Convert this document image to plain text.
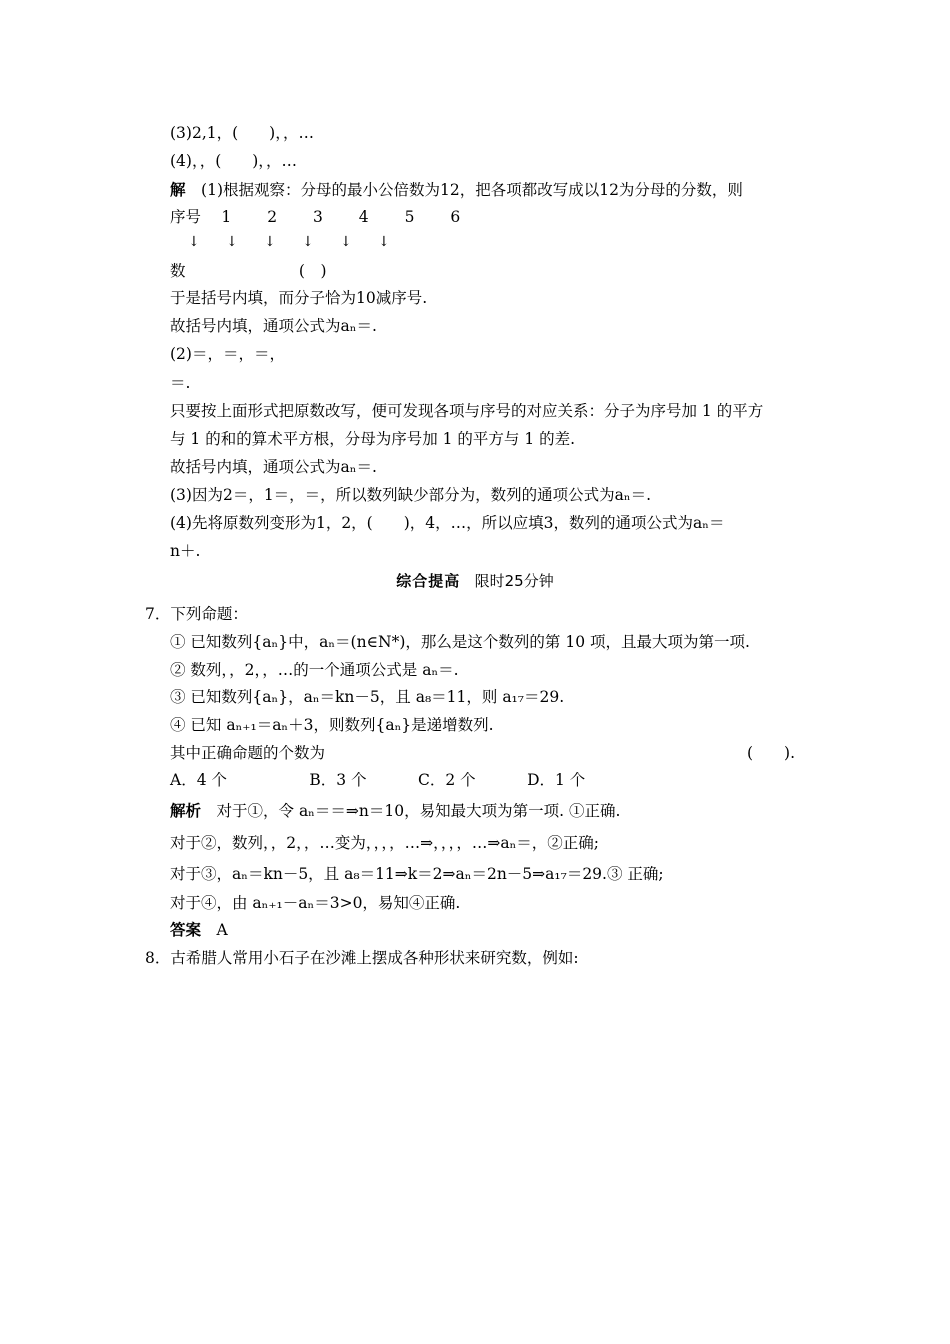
(3)2,1，(　　)，，…
(4)，，(　　)，，…
解　 (1)根据观察：分母的最小公倍数为12，把各项都改写成以12为分母的分数，则
序号　 1　　 2　　 3　　 4　　 5　　 6
↓ ↓ ↓ ↓ ↓ ↓
数　　　　　　　 (　)
于是括号内填，而分子恰为10减序号.
故括号内填，通项公式为aₙ＝.
(2)＝，＝，＝，
＝.
只要按上面形式把原数改写，便可发现各项与序号的对应关系：分子为序号加 1 的平方
与 1 的和的算术平方根，分母为序号加 1 的平方与 1 的差.
故括号内填，通项公式为aₙ＝.
(3)因为2＝，1＝，＝，所以数列缺少部分为，数列的通项公式为aₙ＝.
(4)先将原数列变形为1，2，(　　)，4，…，所以应填3，数列的通项公式为aₙ＝
n＋.
综合提高 限时25分钟
7．下列命题：
① 已知数列{aₙ}中，aₙ＝(n∈N*)，那么是这个数列的第 10 项，且最大项为第一项.
② 数列，，2，，…的一个通项公式是 aₙ＝.
③ 已知数列{aₙ}，aₙ＝kn－5，且 a₈＝11，则 a₁₇＝29.
④ 已知 aₙ₊₁＝aₙ＋3，则数列{aₙ}是递增数列.
其中正确命题的个数为	(　　).
A．4 个　　　　　 B．3 个　　　 C．2 个　　　 D．1 个
解析　对于①，令 aₙ＝＝⇒n＝10，易知最大项为第一项. ①正确.
对于②，数列，，2，，…变为，，，，…⇒，，，，…⇒aₙ＝，②正确;
对于③，aₙ＝kn－5，且 a₈＝11⇒k＝2⇒aₙ＝2n－5⇒a₁₇＝29.③ 正确;
对于④，由 aₙ₊₁－aₙ＝3>0，易知④正确.
答案　A
8．古希腊人常用小石子在沙滩上摆成各种形状来研究数，例如:
